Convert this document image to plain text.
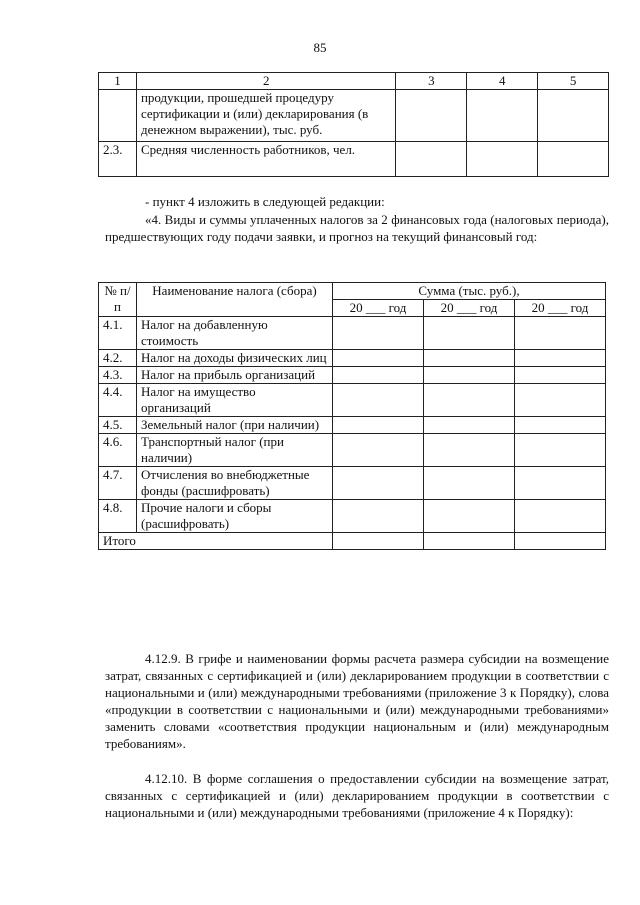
85
1	2	3	4	5
	продукции, прошедшей процедуру сертификации и (или) декларирования (в денежном выражении), тыс. руб.			
2.3.	Средняя численность работников, чел.			
- пункт 4 изложить в следующей редакции:
«4. Виды и суммы уплаченных налогов за 2 финансовых года (налоговых периода), предшествующих году подачи заявки, и прогноз на текущий финансовый год:
№ п/п	Наименование налога (сбора)	Сумма (тыс. руб.),		
		20 ___ год	20 ___ год	20 ___ год
4.1.	Налог на добавленную стоимость			
4.2.	Налог на доходы физических лиц			
4.3.	Налог на прибыль организаций			
4.4.	Налог на имущество организаций			
4.5.	Земельный налог (при наличии)			
4.6.	Транспортный налог (при наличии)			
4.7.	Отчисления во внебюджетные фонды (расшифровать)			
4.8.	Прочие налоги и сборы (расшифровать)			
Итого				
4.12.9. В грифе и наименовании формы расчета размера субсидии на возмещение затрат, связанных с сертификацией и (или) декларированием продукции в соответствии с национальными и (или) международными требованиями (приложение 3 к Порядку), слова «продукции в соответствии с национальными и (или) международными требованиями» заменить словами «соответствия продукции национальным и (или) международным требованиям».
4.12.10. В форме соглашения о предоставлении субсидии на возмещение затрат, связанных с сертификацией и (или) декларированием продукции в соответствии с национальными и (или) международными требованиями (приложение 4 к Порядку):
